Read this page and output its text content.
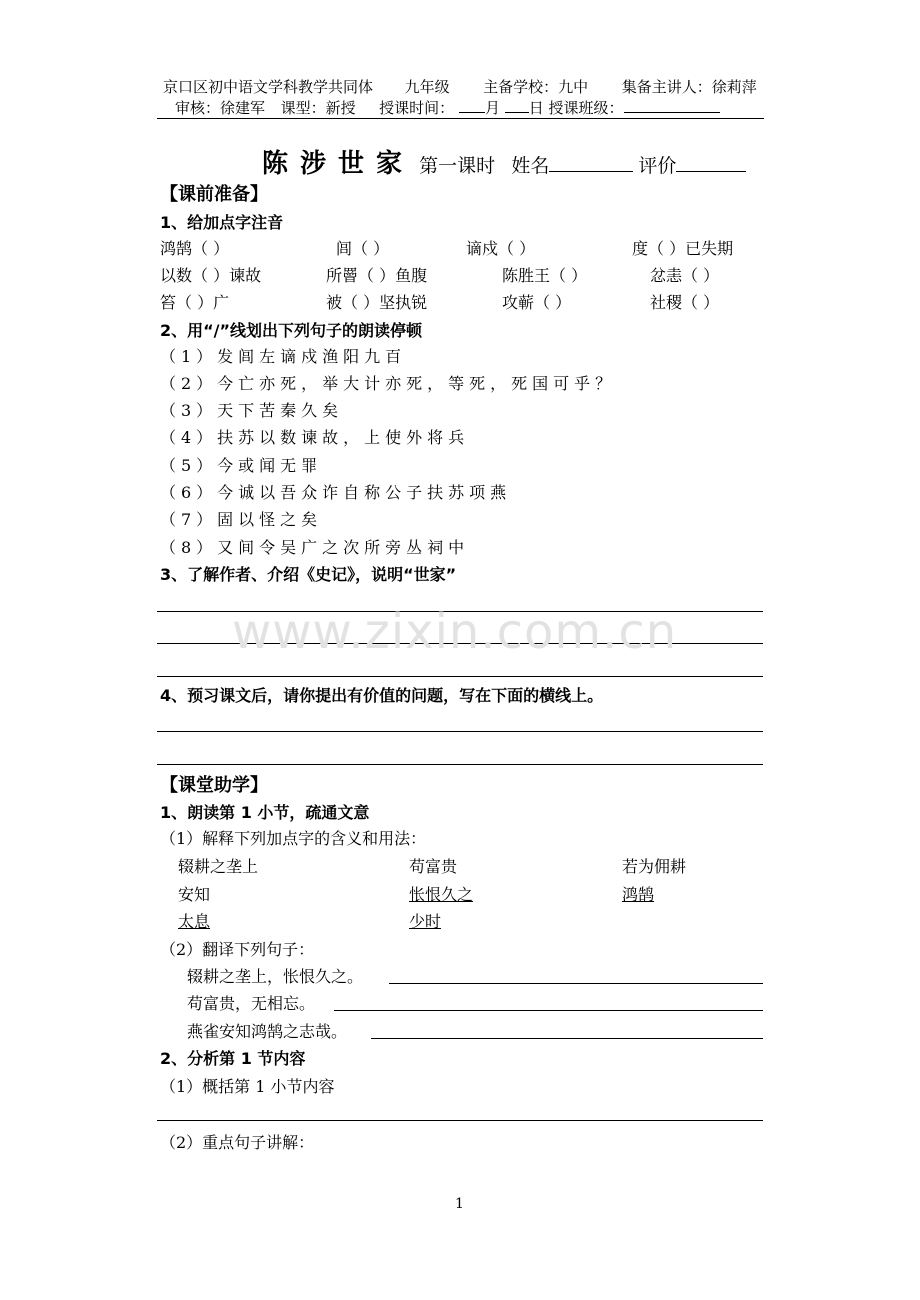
京口区初中语文学科教学共同体 九年级 主备学校：九中 集备主讲人：徐莉萍
审核：徐建军 课型：新授 授课时间： 月 日 授课班级：
陈涉世家 第一课时 姓名	评价
【课前准备】
1、给加点字注音
鸿鹄（ ）	闾（ ）	谪戍（ ）	度（ ）已失期
以数（ ）谏故	所罾（ ）鱼腹	陈胜王（ ）	忿恚（ ）
笞（ ）广	被（ ）坚执锐	攻蕲（ ）	社稷（ ）
2、用“/”线划出下列句子的朗读停顿
（1）发闾左谪戍渔阳九百
（2）今亡亦死，举大计亦死，等死，死国可乎？
（3）天下苦秦久矣
（4）扶苏以数谏故，上使外将兵
（5）今或闻无罪
（6）今诚以吾众诈自称公子扶苏项燕
（7）固以怪之矣
（8）又间令吴广之次所旁丛祠中
3、了解作者、介绍《史记》，说明“世家”
www.zixin.com.cn
4、预习课文后，请你提出有价值的问题，写在下面的横线上。
【课堂助学】
1、朗读第 1 小节，疏通文意
（1）解释下列加点字的含义和用法：
辍耕之垄上	苟富贵	若为佣耕
安知	怅恨久之	鸿鹄
太息	少时
（2）翻译下列句子：
辍耕之垄上，怅恨久之。
苟富贵，无相忘。
燕雀安知鸿鹄之志哉。
2、分析第 1 节内容
（1）概括第 1 小节内容
（2）重点句子讲解：
1
